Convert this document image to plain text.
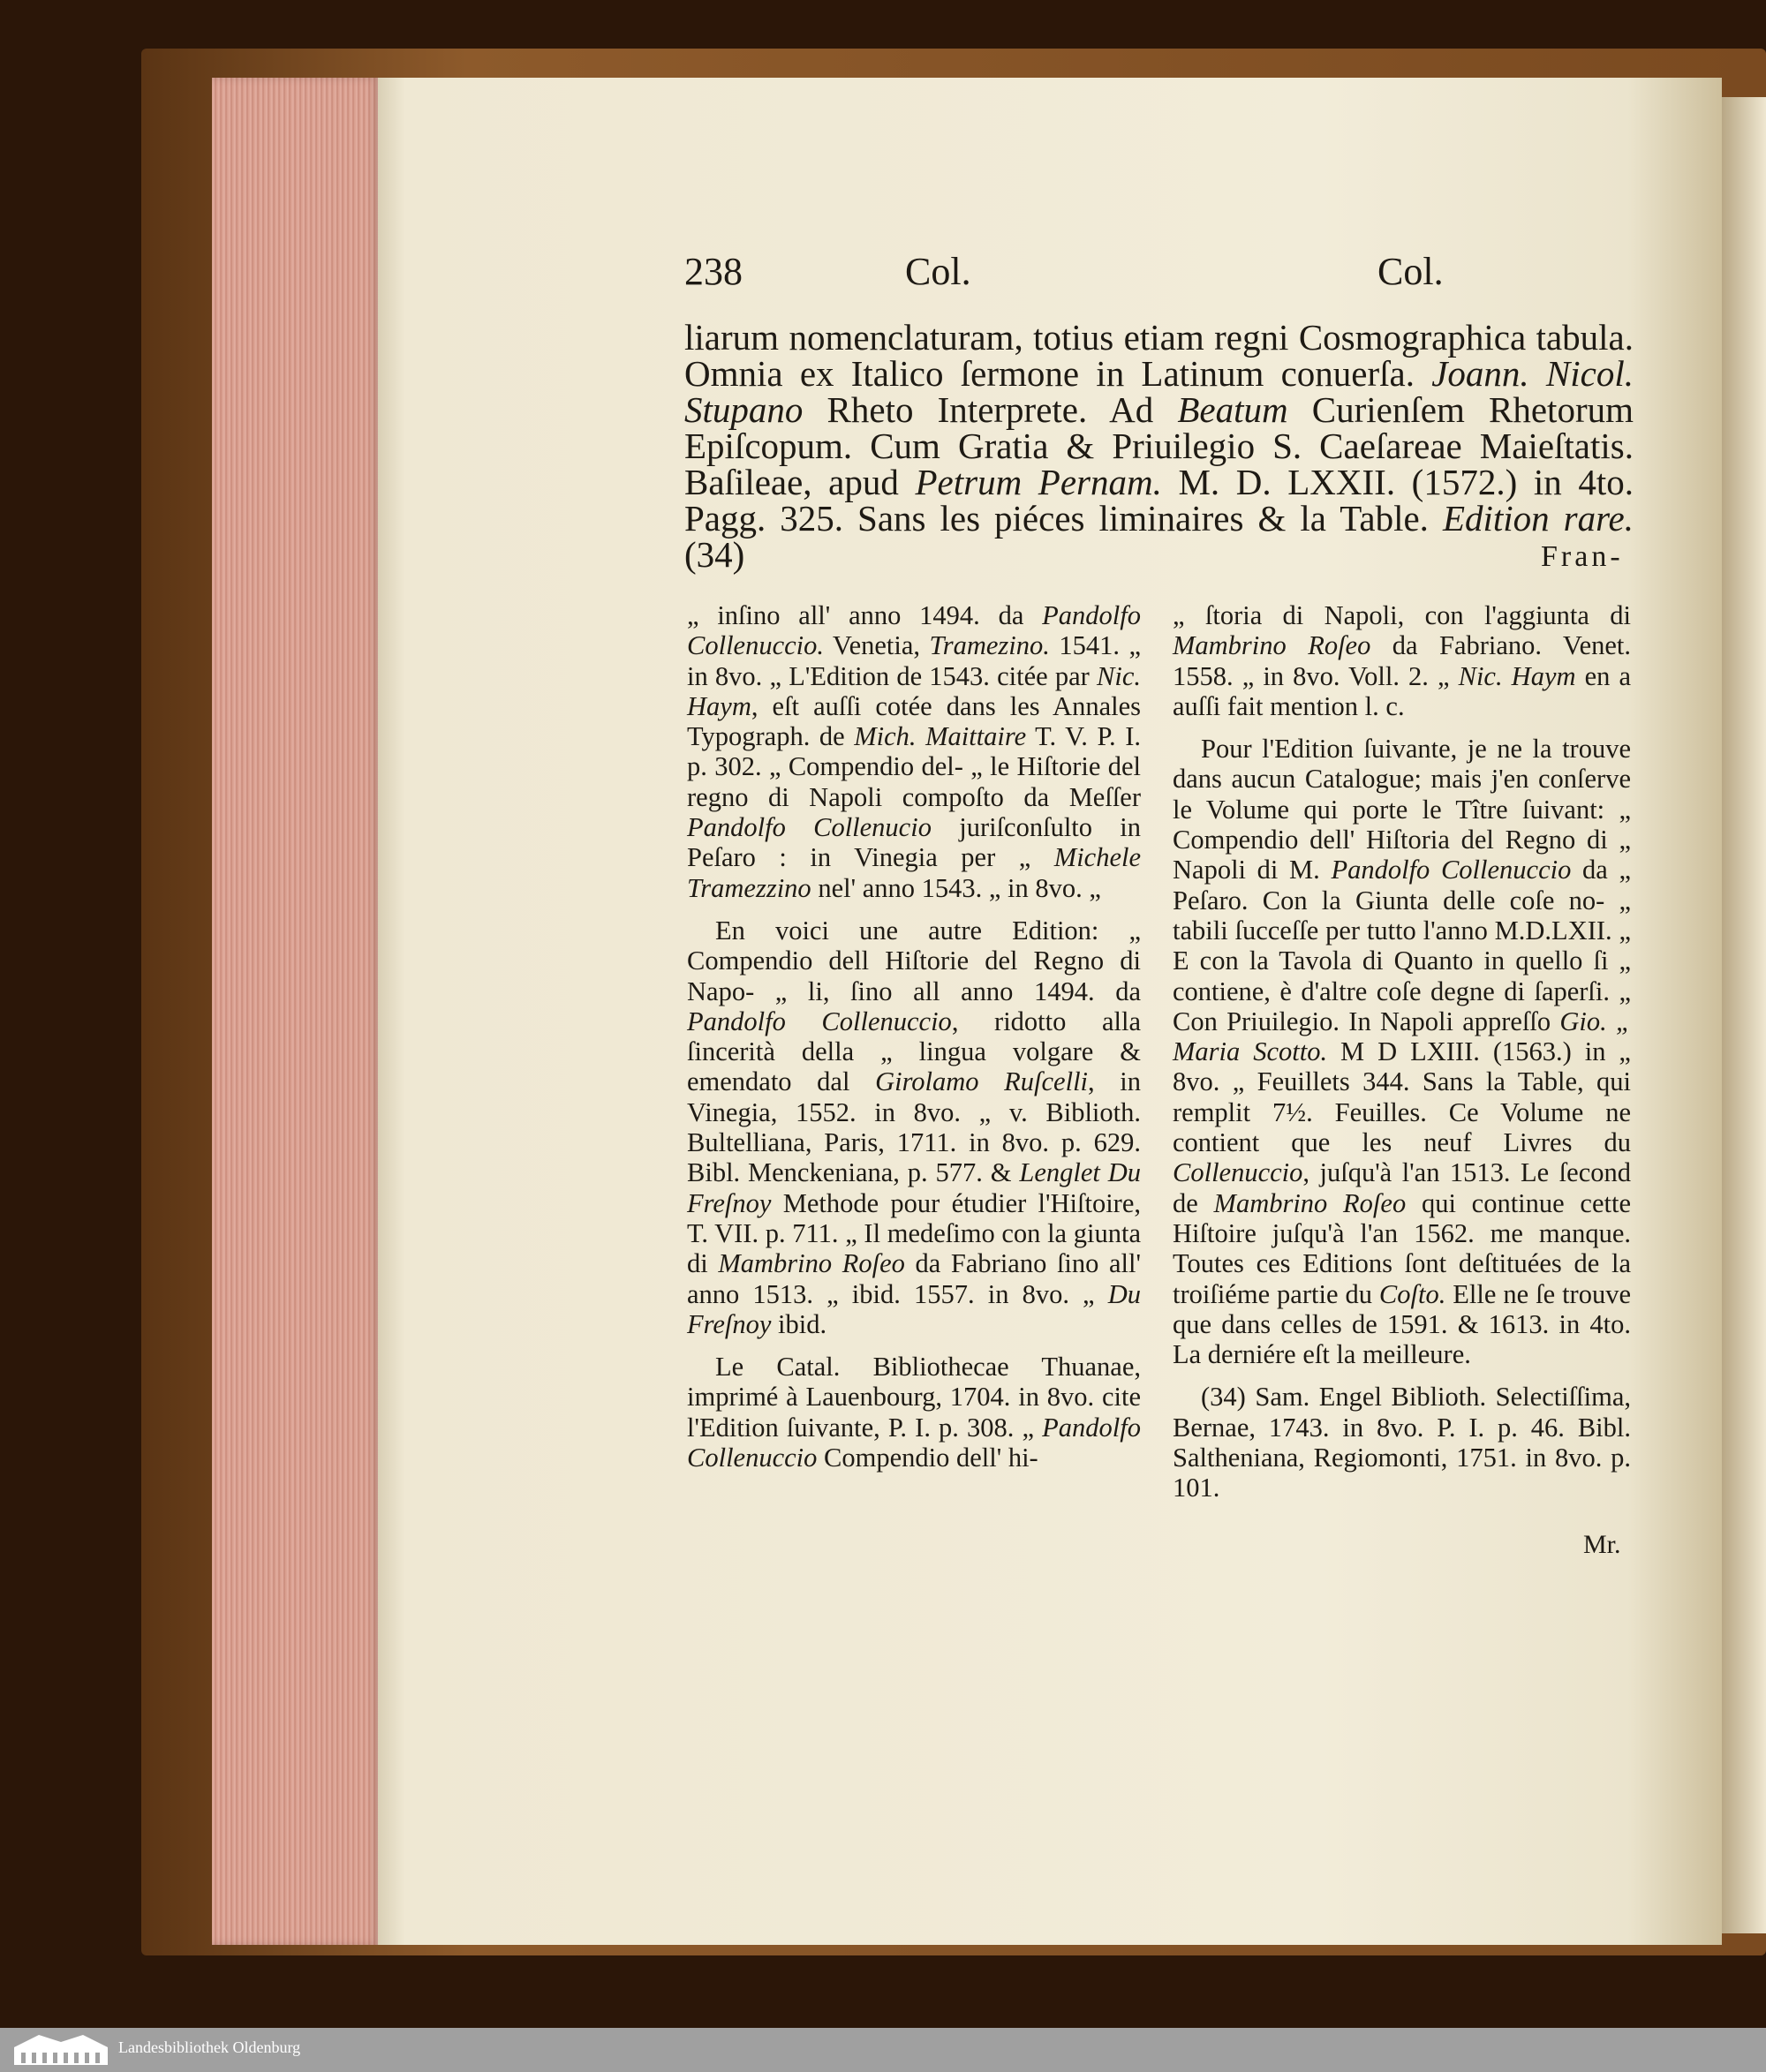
238	Col.	Col.

liarum nomenclaturam, totius etiam regni Cosmographica tabula. Omnia ex Italico ſermone in Latinum conuerſa. Joann. Nicol. Stupano Rheto Interprete. Ad Beatum Curienſem Rhetorum Epiſcopum. Cum Gratia & Priuilegio S. Caeſareae Maieſtatis. Baſileae, apud Petrum Pernam. M. D. LXXII. (1572.) in 4to. Pagg. 325. Sans les piéces liminaires & la Table. Edition rare. (34)	Fran-

„ inſino all' anno 1494. da Pandolfo Collenuccio. Venetia, Tramezino. 1541. „ in 8vo. „ L'Edition de 1543. citée par Nic. Haym, eſt auſſi cotée dans les Annales Typograph. de Mich. Maittaire T. V. P. I. p. 302. „ Compendio del- „ le Hiſtorie del regno di Napoli compoſto da Meſſer Pandolfo Collenucio juriſconſulto in Peſaro : in Vinegia per „ Michele Tramezzino nel' anno 1543. „ in 8vo. „

En voici une autre Edition: „ Compendio dell Hiſtorie del Regno di Napo- „ li, ſino all anno 1494. da Pandolfo Collenuccio, ridotto alla ſincerità della „ lingua volgare & emendato dal Girolamo Ruſcelli, in Vinegia, 1552. in 8vo. „ v. Biblioth. Bultelliana, Paris, 1711. in 8vo. p. 629. Bibl. Menckeniana, p. 577. & Lenglet Du Freſnoy Methode pour étudier l'Hiſtoire, T. VII. p. 711. „ Il medeſimo con la giunta di Mambrino Roſeo da Fabriano ſino all' anno 1513. „ ibid. 1557. in 8vo. „ Du Freſnoy ibid.

Le Catal. Bibliothecae Thuanae, imprimé à Lauenbourg, 1704. in 8vo. cite l'Edition ſuivante, P. I. p. 308. „ Pandolfo Collenuccio Compendio dell' hi-

„ ſtoria di Napoli, con l'aggiunta di Mambrino Roſeo da Fabriano. Venet. 1558. „ in 8vo. Voll. 2. „ Nic. Haym en a auſſi fait mention l. c.

Pour l'Edition ſuivante, je ne la trouve dans aucun Catalogue; mais j'en conſerve le Volume qui porte le Tître ſuivant: „ Compendio dell' Hiſtoria del Regno di „ Napoli di M. Pandolfo Collenuccio da „ Peſaro. Con la Giunta delle coſe no- „ tabili ſucceſſe per tutto l'anno M.D.LXII. „ E con la Tavola di Quanto in quello ſi „ contiene, è d'altre coſe degne di ſaperſi. „ Con Priuilegio. In Napoli appreſſo Gio. „ Maria Scotto. M D LXIII. (1563.) in „ 8vo. „ Feuillets 344. Sans la Table, qui remplit 7½. Feuilles. Ce Volume ne contient que les neuf Livres du Collenuccio, juſqu'à l'an 1513. Le ſecond de Mambrino Roſeo qui continue cette Hiſtoire juſqu'à l'an 1562. me manque. Toutes ces Editions ſont deſtituées de la troiſiéme partie du Coſto. Elle ne ſe trouve que dans celles de 1591. & 1613. in 4to. La derniére eſt la meilleure.

(34) Sam. Engel Biblioth. Selectiſſima, Bernae, 1743. in 8vo. P. I. p. 46. Bibl. Saltheniana, Regiomonti, 1751. in 8vo. p. 101.

Mr.
Landesbibliothek Oldenburg
